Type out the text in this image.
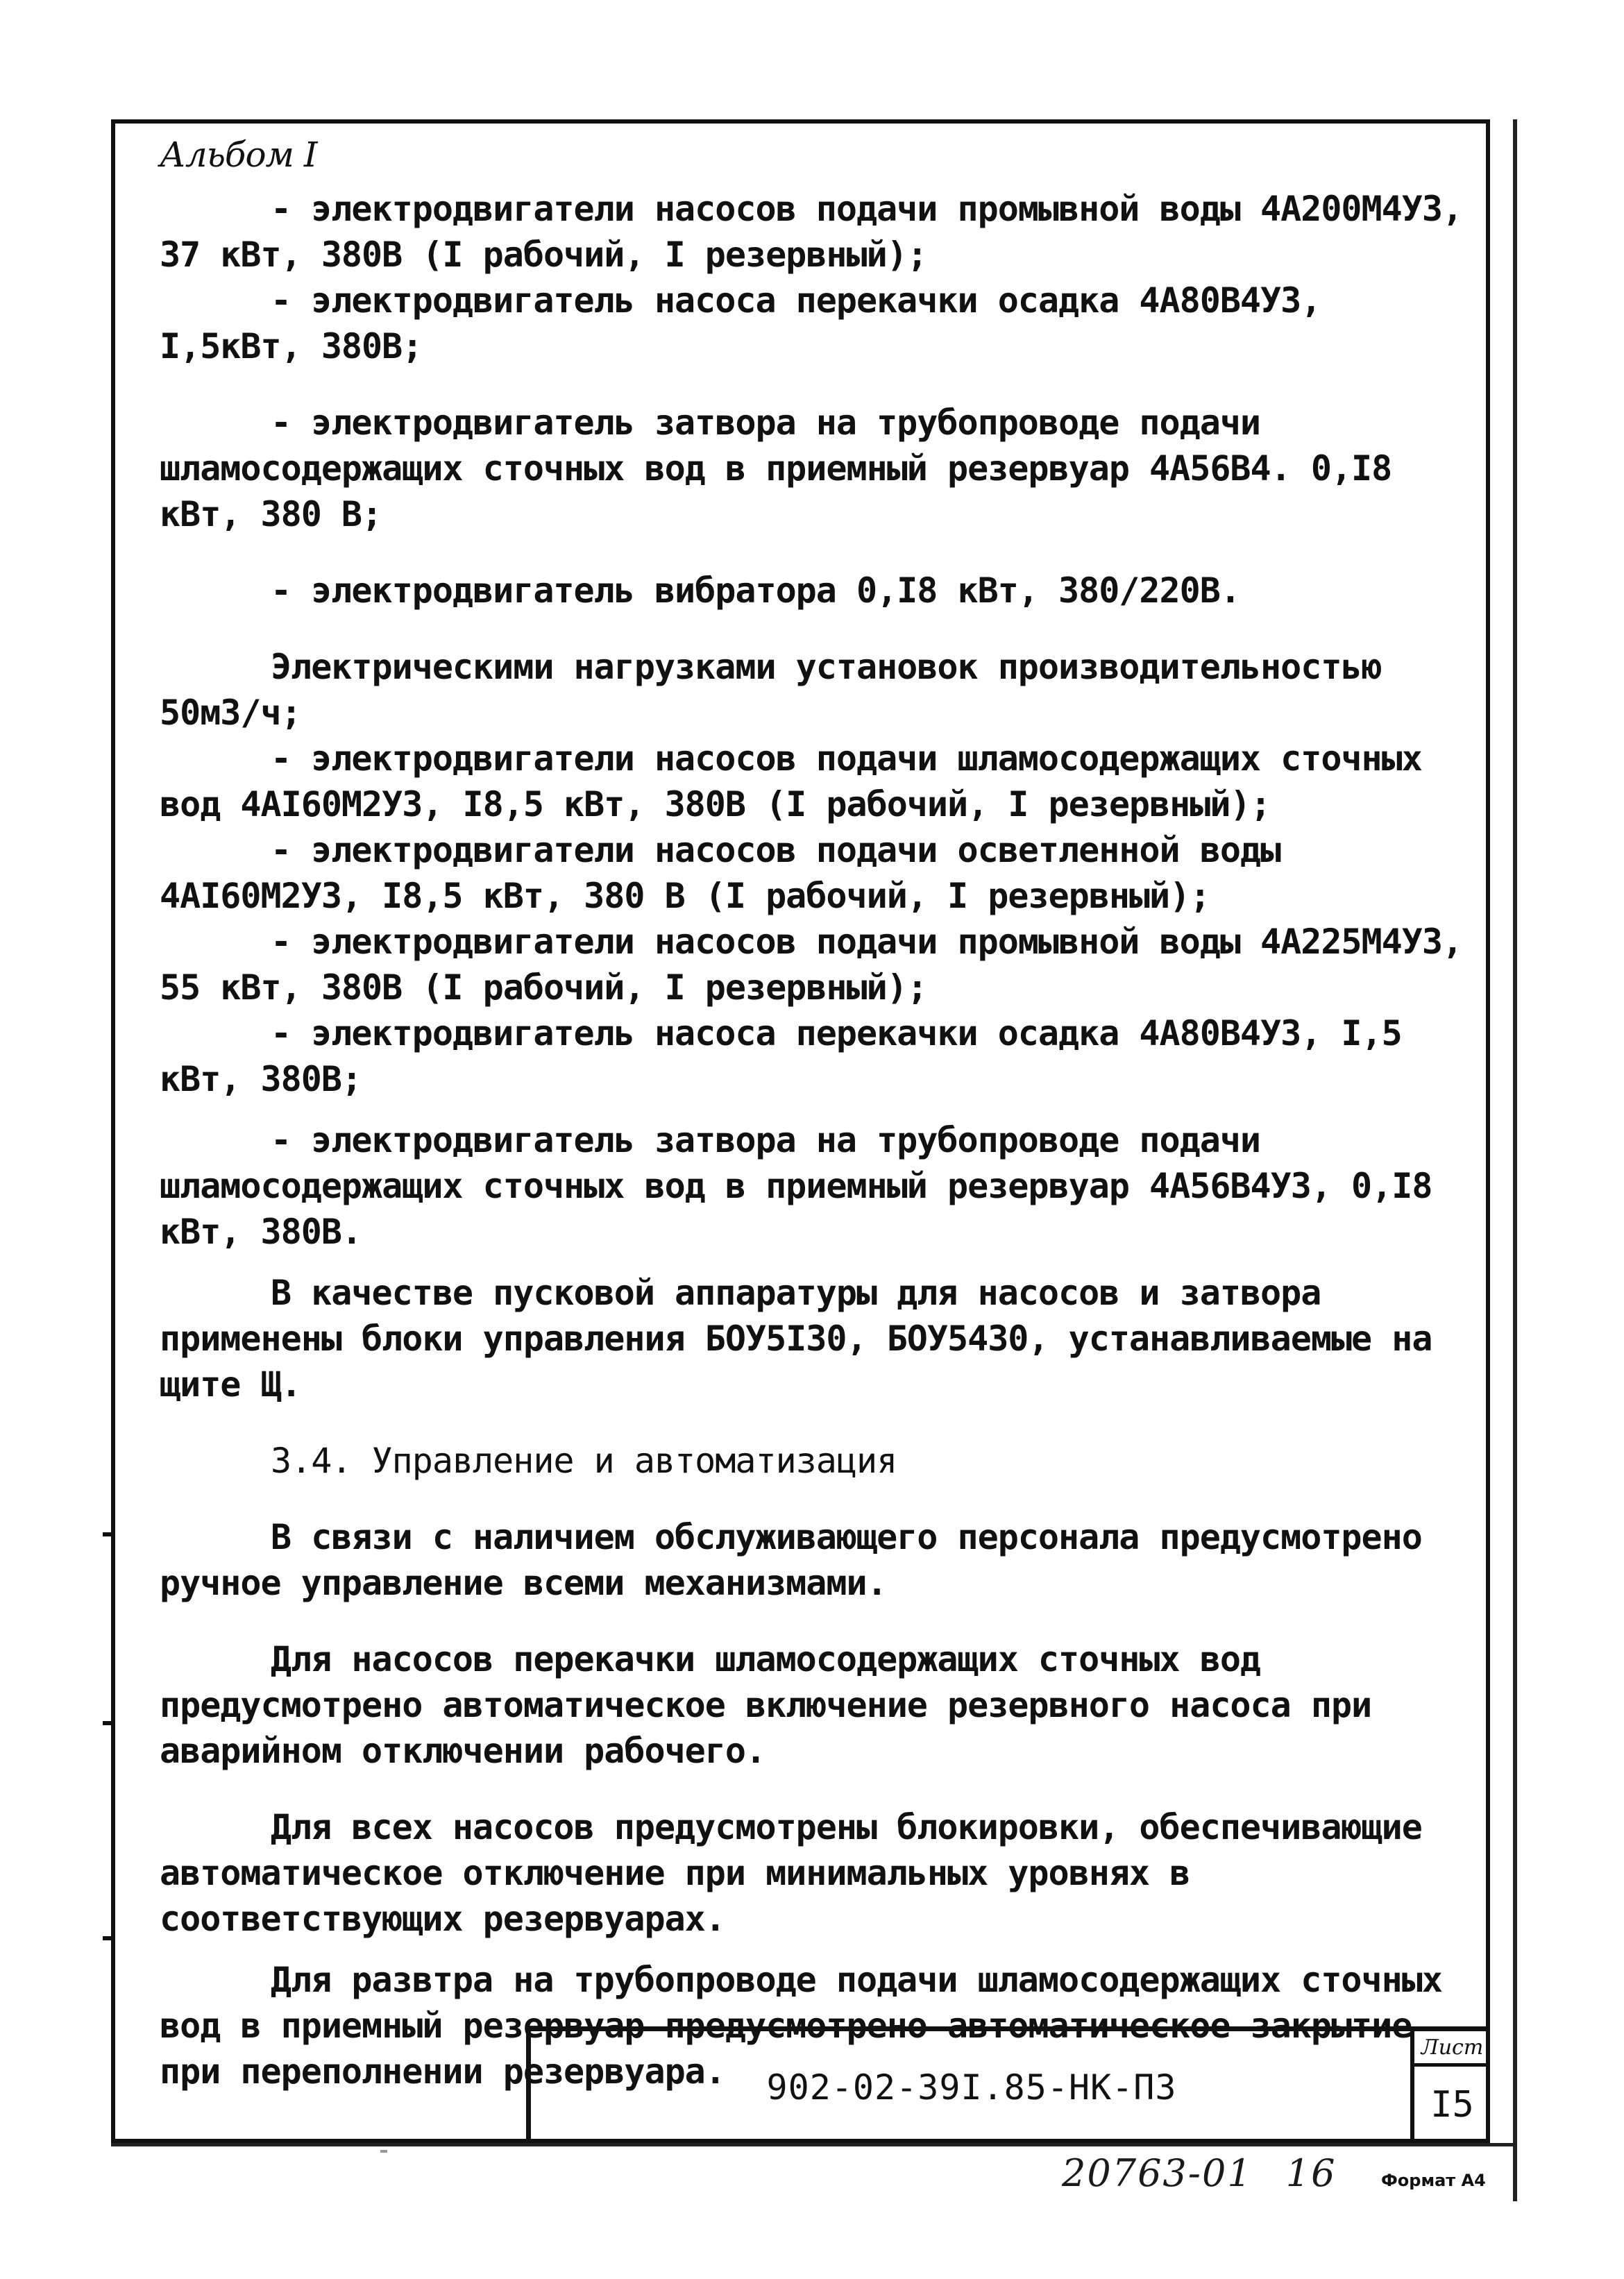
Альбом I

- электродвигатели насосов подачи промывной воды 4А200М4У3, 37 кВт, 380В (I рабочий, I резервный);

- электродвигатель насоса перекачки осадка 4А80В4У3, I,5кВт, 380В;

- электродвигатель затвора на трубопроводе подачи шламосодержащих сточных вод в приемный резервуар 4А56В4. 0,I8 кВт, 380 В;

- электродвигатель вибратора 0,I8 кВт, 380/220В.

Электрическими нагрузками установок производительностью 50м3/ч;

- электродвигатели насосов подачи шламосодержащих сточных вод 4АI60М2У3, I8,5 кВт, 380В (I рабочий, I резервный);

- электродвигатели насосов подачи осветленной воды 4АI60М2У3, I8,5 кВт, 380 В (I рабочий, I резервный);

- электродвигатели насосов подачи промывной воды 4А225М4У3, 55 кВт, 380В (I рабочий, I резервный);

- электродвигатель насоса перекачки осадка 4А80В4У3, I,5 кВт, 380В;

- электродвигатель затвора на трубопроводе подачи шламосодержащих сточных вод в приемный резервуар 4А56В4У3, 0,I8 кВт, 380В.

В качестве пусковой аппаратуры для насосов и затвора применены блоки управления БОУ5I30, БОУ5430, устанавливаемые на щите Щ.

3.4. Управление и автоматизация

В связи с наличием обслуживающего персонала предусмотрено ручное управление всеми механизмами.

Для насосов перекачки шламосодержащих сточных вод предусмотрено автоматическое включение резервного насоса при аварийном отключении рабочего.

Для всех насосов предусмотрены блокировки, обеспечивающие автоматическое отключение при минимальных уровнях в соответствующих резервуарах.

Для развтра на трубопроводе подачи шламосодержащих сточных вод в приемный резервуар предусмотрено автоматическое закрытие при переполнении резервуара.	902-02-39I.85-НК-ПЗ
Лист
I5
20763-01 16	Формат А4
